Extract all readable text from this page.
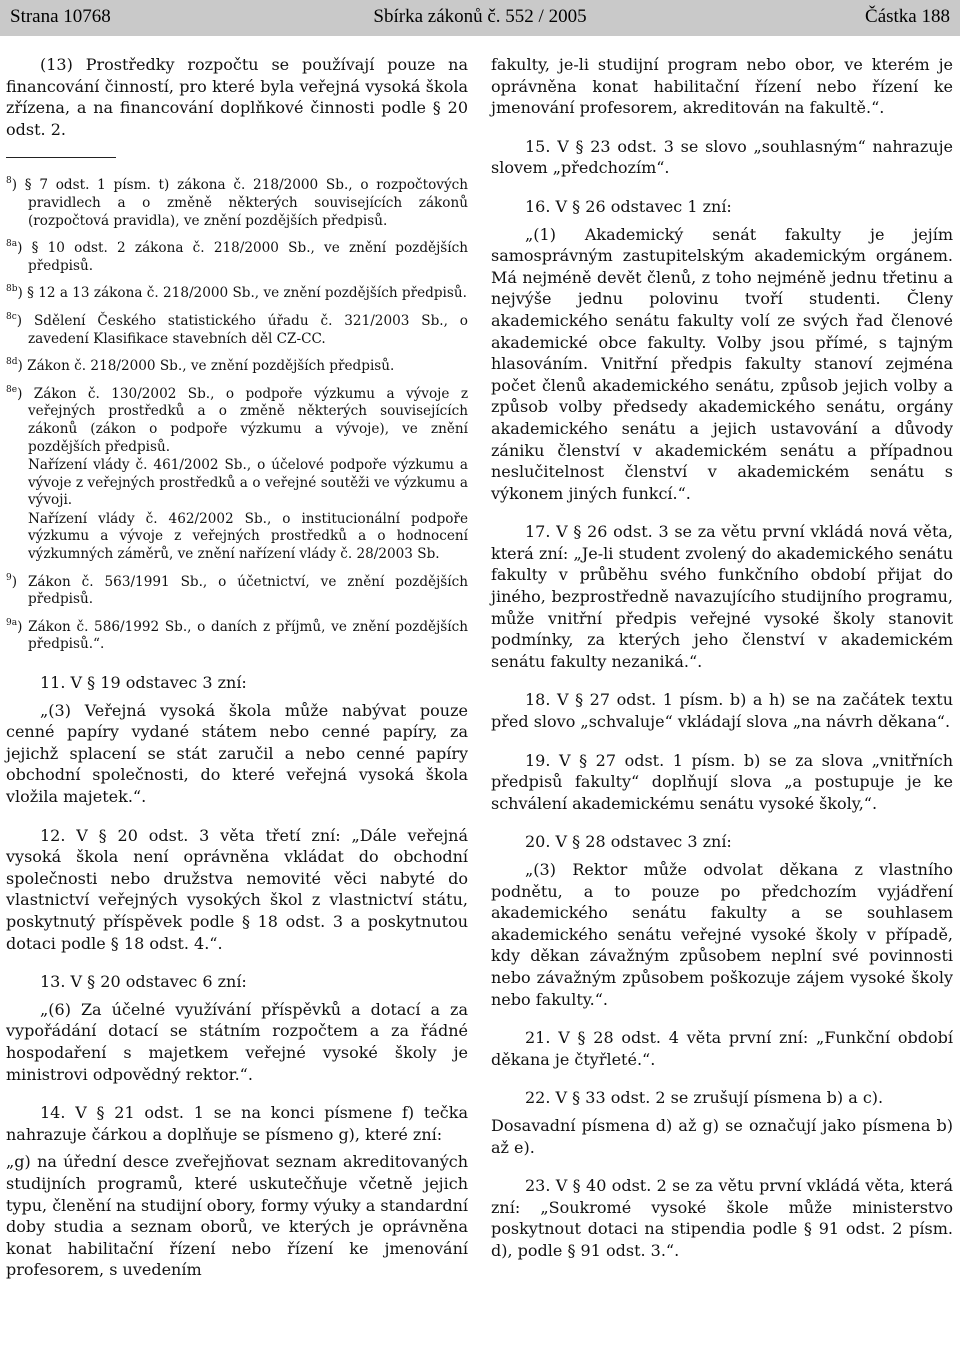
Strana 10768	Sbírka zákonů č. 552 / 2005	Částka 188

(13) Prostředky rozpočtu se používají pouze na financování činností, pro které byla veřejná vysoká škola zřízena, a na financování doplňkové činnosti podle § 20 odst. 2.

$^8$) § 7 odst. 1 písm. t) zákona č. 218/2000 Sb., o rozpočtových pravidlech a o změně některých souvisejících zákonů (rozpočtová pravidla), ve znění pozdějších předpisů.

$^{8a}$) § 10 odst. 2 zákona č. 218/2000 Sb., ve znění pozdějších předpisů.

$^{8b}$) § 12 a 13 zákona č. 218/2000 Sb., ve znění pozdějších předpisů.

$^{8c}$) Sdělení Českého statistického úřadu č. 321/2003 Sb., o zavedení Klasifikace stavebních děl CZ-CC.

$^{8d}$) Zákon č. 218/2000 Sb., ve znění pozdějších předpisů.

$^{8e}$) Zákon č. 130/2002 Sb., o podpoře výzkumu a vývoje z veřejných prostředků a o změně některých souvisejících zákonů (zákon o podpoře výzkumu a vývoje), ve znění pozdějších předpisů.
Nařízení vlády č. 461/2002 Sb., o účelové podpoře výzkumu a vývoje z veřejných prostředků a o veřejné soutěži ve výzkumu a vývoji.
Nařízení vlády č. 462/2002 Sb., o institucionální podpoře výzkumu a vývoje z veřejných prostředků a o hodnocení výzkumných záměrů, ve znění nařízení vlády č. 28/2003 Sb.

$^9$) Zákon č. 563/1991 Sb., o účetnictví, ve znění pozdějších předpisů.

$^{9a}$) Zákon č. 586/1992 Sb., o daních z příjmů, ve znění pozdějších předpisů.“.

11. V § 19 odstavec 3 zní:

„(3) Veřejná vysoká škola může nabývat pouze cenné papíry vydané státem nebo cenné papíry, za jejichž splacení se stát zaručil a nebo cenné papíry obchodní společnosti, do které veřejná vysoká škola vložila majetek.“.

12. V § 20 odst. 3 věta třetí zní: „Dále veřejná vysoká škola není oprávněna vkládat do obchodní společnosti nebo družstva nemovité věci nabyté do vlastnictví veřejných vysokých škol z vlastnictví státu, poskytnutý příspěvek podle § 18 odst. 3 a poskytnutou dotaci podle § 18 odst. 4.“.

13. V § 20 odstavec 6 zní:

„(6) Za účelné využívání příspěvků a dotací a za vypořádání dotací se státním rozpočtem a za řádné hospodaření s majetkem veřejné vysoké školy je ministrovi odpovědný rektor.“.

14. V § 21 odst. 1 se na konci písmene f) tečka nahrazuje čárkou a doplňuje se písmeno g), které zní:

„g) na úřední desce zveřejňovat seznam akreditovaných studijních programů, které uskutečňuje včetně jejich typu, členění na studijní obory, formy výuky a standardní doby studia a seznam oborů, ve kterých je oprávněna konat habilitační řízení nebo řízení ke jmenování profesorem, s uvedením

fakulty, je-li studijní program nebo obor, ve kterém je oprávněna konat habilitační řízení nebo řízení ke jmenování profesorem, akreditován na fakultě.“.

15. V § 23 odst. 3 se slovo „souhlasným“ nahrazuje slovem „předchozím“.

16. V § 26 odstavec 1 zní:

„(1) Akademický senát fakulty je jejím samosprávným zastupitelským akademickým orgánem. Má nejméně devět členů, z toho nejméně jednu třetinu a nejvýše jednu polovinu tvoří studenti. Členy akademického senátu fakulty volí ze svých řad členové akademické obce fakulty. Volby jsou přímé, s tajným hlasováním. Vnitřní předpis fakulty stanoví zejména počet členů akademického senátu, způsob jejich volby a způsob volby předsedy akademického senátu, orgány akademického senátu a jejich ustavování a důvody zániku členství v akademickém senátu a případnou neslučitelnost členství v akademickém senátu s výkonem jiných funkcí.“.

17. V § 26 odst. 3 se za větu první vkládá nová věta, která zní: „Je-li student zvolený do akademického senátu fakulty v průběhu svého funkčního období přijat do jiného, bezprostředně navazujícího studijního programu, může vnitřní předpis veřejné vysoké školy stanovit podmínky, za kterých jeho členství v akademickém senátu fakulty nezaniká.“.

18. V § 27 odst. 1 písm. b) a h) se na začátek textu před slovo „schvaluje“ vkládají slova „na návrh děkana“.

19. V § 27 odst. 1 písm. b) se za slova „vnitřních předpisů fakulty“ doplňují slova „a postupuje je ke schválení akademickému senátu vysoké školy,“.

20. V § 28 odstavec 3 zní:

„(3) Rektor může odvolat děkana z vlastního podnětu, a to pouze po předchozím vyjádření akademického senátu fakulty a se souhlasem akademického senátu veřejné vysoké školy v případě, kdy děkan závažným způsobem neplní své povinnosti nebo závažným způsobem poškozuje zájem vysoké školy nebo fakulty.“.

21. V § 28 odst. 4 věta první zní: „Funkční období děkana je čtyřleté.“.

22. V § 33 odst. 2 se zrušují písmena b) a c).

Dosavadní písmena d) až g) se označují jako písmena b) až e).

23. V § 40 odst. 2 se za větu první vkládá věta, která zní: „Soukromé vysoké škole může ministerstvo poskytnout dotaci na stipendia podle § 91 odst. 2 písm. d), podle § 91 odst. 3.“.
